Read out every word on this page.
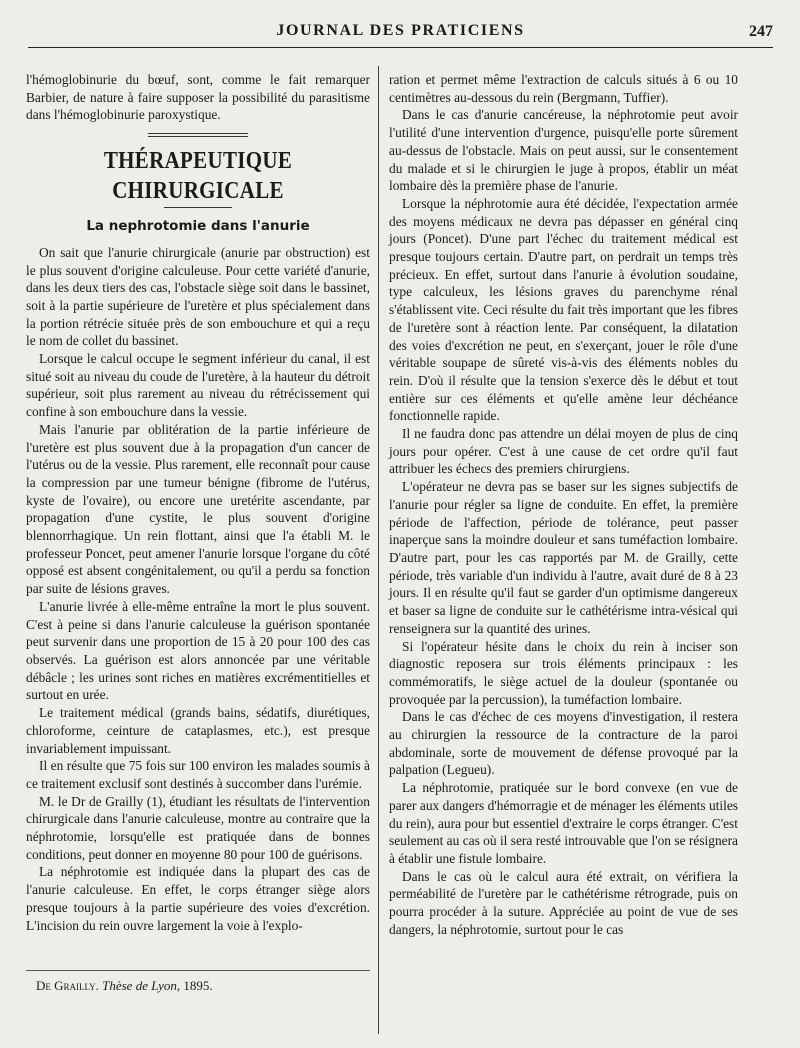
JOURNAL DES PRATICIENS	247

l'hémoglobinurie du bœuf, sont, comme le fait remarquer Barbier, de nature à faire supposer la possibilité du parasitisme dans l'hémoglobinurie paroxystique.

THÉRAPEUTIQUE CHIRURGICALE
La nephrotomie dans l'anurie

On sait que l'anurie chirurgicale (anurie par obstruction) est le plus souvent d'origine calculeuse. Pour cette variété d'anurie, dans les deux tiers des cas, l'obstacle siège soit dans le bassinet, soit à la partie supérieure de l'uretère et plus spécialement dans la portion rétrécie située près de son embouchure et qui a reçu le nom de collet du bassinet.

Lorsque le calcul occupe le segment inférieur du canal, il est situé soit au niveau du coude de l'uretère, à la hauteur du détroit supérieur, soit plus rarement au niveau du rétrécissement qui confine à son embouchure dans la vessie.

Mais l'anurie par oblitération de la partie inférieure de l'uretère est plus souvent due à la propagation d'un cancer de l'utérus ou de la vessie. Plus rarement, elle reconnaît pour cause la compression par une tumeur bénigne (fibrome de l'utérus, kyste de l'ovaire), ou encore une uretérite ascendante, par propagation d'une cystite, le plus souvent d'origine blennorrhagique. Un rein flottant, ainsi que l'a établi M. le professeur Poncet, peut amener l'anurie lorsque l'organe du côté opposé est absent congénitalement, ou qu'il a perdu sa fonction par suite de lésions graves.

L'anurie livrée à elle-même entraîne la mort le plus souvent. C'est à peine si dans l'anurie calculeuse la guérison spontanée peut survenir dans une proportion de 15 à 20 pour 100 des cas observés. La guérison est alors annoncée par une véritable débâcle ; les urines sont riches en matières excrémentitielles et surtout en urée.

Le traitement médical (grands bains, sédatifs, diurétiques, chloroforme, ceinture de cataplasmes, etc.), est presque invariablement impuissant.

Il en résulte que 75 fois sur 100 environ les malades soumis à ce traitement exclusif sont destinés à succomber dans l'urémie.

M. le Dr de Grailly (1), étudiant les résultats de l'intervention chirurgicale dans l'anurie calculeuse, montre au contraire que la néphrotomie, lorsqu'elle est pratiquée dans de bonnes conditions, peut donner en moyenne 80 pour 100 de guérisons.

La néphrotomie est indiquée dans la plupart des cas de l'anurie calculeuse. En effet, le corps étranger siège alors presque toujours à la partie supérieure des voies d'excrétion. L'incision du rein ouvre largement la voie à l'explo-

De Grailly. Thèse de Lyon, 1895.

ration et permet même l'extraction de calculs situés à 6 ou 10 centimètres au-dessous du rein (Bergmann, Tuffier).

Dans le cas d'anurie cancéreuse, la néphrotomie peut avoir l'utilité d'une intervention d'urgence, puisqu'elle porte sûrement au-dessus de l'obstacle. Mais on peut aussi, sur le consentement du malade et si le chirurgien le juge à propos, établir un méat lombaire dès la première phase de l'anurie.

Lorsque la néphrotomie aura été décidée, l'expectation armée des moyens médicaux ne devra pas dépasser en général cinq jours (Poncet). D'une part l'échec du traitement médical est presque toujours certain. D'autre part, on perdrait un temps très précieux. En effet, surtout dans l'anurie à évolution soudaine, type calculeux, les lésions graves du parenchyme rénal s'établissent vite. Ceci résulte du fait très important que les fibres de l'uretère sont à réaction lente. Par conséquent, la dilatation des voies d'excrétion ne peut, en s'exerçant, jouer le rôle d'une véritable soupape de sûreté vis-à-vis des éléments nobles du rein. D'où il résulte que la tension s'exerce dès le début et tout entière sur ces éléments et qu'elle amène leur déchéance fonctionnelle rapide.

Il ne faudra donc pas attendre un délai moyen de plus de cinq jours pour opérer. C'est à une cause de cet ordre qu'il faut attribuer les échecs des premiers chirurgiens.

L'opérateur ne devra pas se baser sur les signes subjectifs de l'anurie pour régler sa ligne de conduite. En effet, la première période de l'affection, période de tolérance, peut passer inaperçue sans la moindre douleur et sans tuméfaction lombaire. D'autre part, pour les cas rapportés par M. de Grailly, cette période, très variable d'un individu à l'autre, avait duré de 8 à 23 jours. Il en résulte qu'il faut se garder d'un optimisme dangereux et baser sa ligne de conduite sur le cathétérisme intra-vésical qui renseignera sur la quantité des urines.

Si l'opérateur hésite dans le choix du rein à inciser son diagnostic reposera sur trois éléments principaux : les commémoratifs, le siège actuel de la douleur (spontanée ou provoquée par la percussion), la tuméfaction lombaire.

Dans le cas d'échec de ces moyens d'investigation, il restera au chirurgien la ressource de la contracture de la paroi abdominale, sorte de mouvement de défense provoqué par la palpation (Legueu).

La néphrotomie, pratiquée sur le bord convexe (en vue de parer aux dangers d'hémorragie et de ménager les éléments utiles du rein), aura pour but essentiel d'extraire le corps étranger. C'est seulement au cas où il sera resté introuvable que l'on se résignera à établir une fistule lombaire.

Dans le cas où le calcul aura été extrait, on vérifiera la perméabilité de l'uretère par le cathétérisme rétrograde, puis on pourra procéder à la suture. Appréciée au point de vue de ses dangers, la néphrotomie, surtout pour le cas
